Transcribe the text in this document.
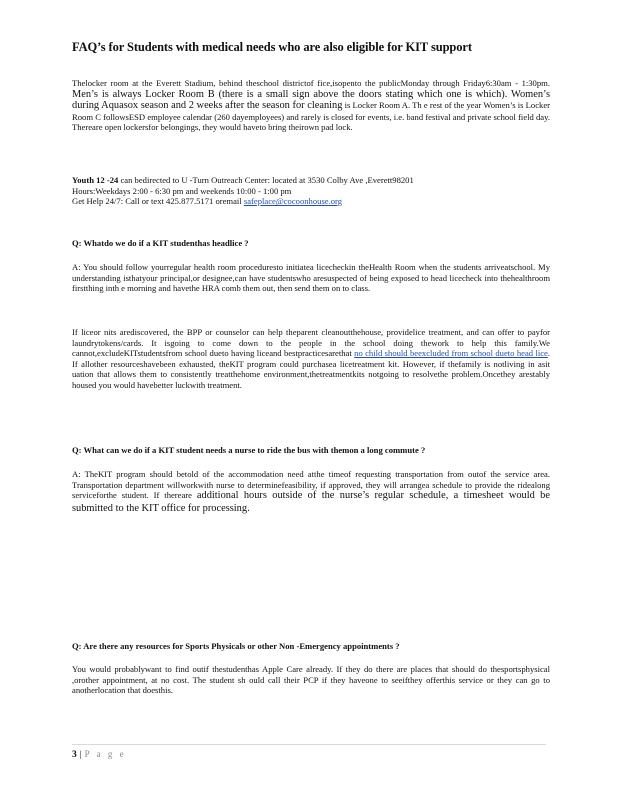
FAQ’s for Students with medical needs who are also eligible for KIT support
Thelocker room at the Everett Stadium, behind theschool districtof fice,isopento the publicMonday through Friday6:30am - 1:30pm. Men’s is always Locker Room B (there is a small sign above the doors stating which one is which). Women’s during Aquasox season and 2 weeks after the season for cleaning is Locker Room A. Th e rest of the year Women’s is Locker Room C followsESD employee calendar (260 dayemployees) and rarely is closed for events, i.e. band festival and private school field day. Thereare open lockersfor belongings, they would haveto bring theirown pad lock.
Youth 12 -24 can bedirected to U -Turn Outreach Center: located at 3530 Colby Ave ,Everett98201
Hours:Weekdays 2:00 - 6:30 pm and weekends 10:00 - 1:00 pm
Get Help 24/7: Call or text 425.877.5171 oremail safeplace@cocoonhouse.org
Q: Whatdo we do if a KIT studenthas headlice ?
A: You should follow yourregular health room proceduresto initiatea licecheckin theHealth Room when the students arriveatschool. My understanding isthatyour principal,or designee,can have studentswho aresuspected of being exposed to head licecheck into thehealthroom firstthing inth e morning and havethe HRA comb them out, then send them on to class.
If liceor nits arediscovered, the BPP or counselor can help theparent cleanoutthehouse, providelice treatment, and can offer to payfor laundrytokens/cards. It isgoing to come down to the people in the school doing thework to help this family.We cannot,excludeKITstudentsfrom school dueto having liceand bestpracticesarethat no child should beexcluded from school dueto head lice. If allother resourceshavebeen exhausted, theKIT program could purchasea licetreatment kit. However, if thefamily is notliving in asit uation that allows them to consistently treatthehome environment,thetreatmentkits notgoing to resolvethe problem.Oncethey arestably housed you would havebetter luckwith treatment.
Q: What can we do if a KIT student needs a nurse to ride the bus with themon a long commute ?
A: TheKIT program should betold of the accommodation need atthe timeof requesting transportation from outof the service area. Transportation department willworkwith nurse to determinefeasibility, if approved, they will arrangea schedule to provide the ridealong serviceforthe student. If thereare additional hours outside of the nurse’s regular schedule, a timesheet would be submitted to the KIT office for processing.
Q: Are there any resources for Sports Physicals or other Non -Emergency appointments ?
You would probablywant to find outif thestudenthas Apple Care already. If they do there are places that should do thesportsphysical ,orother appointment, at no cost. The student sh ould call their PCP if they haveone to seeifthey offerthis service or they can go to anotherlocation that doesthis.
3 | P a g e
